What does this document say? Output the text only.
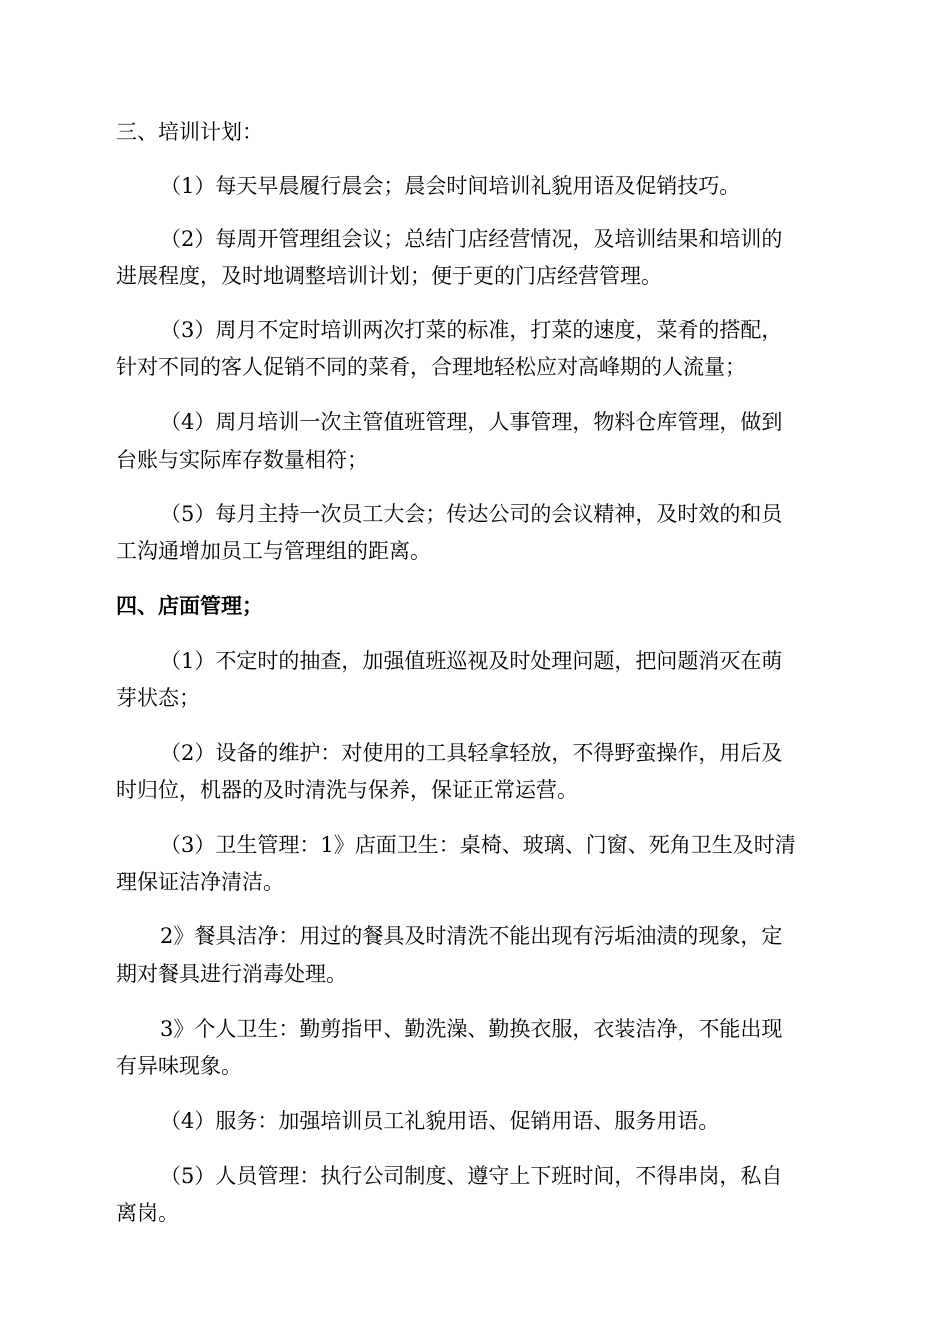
三、培训计划：
（1）每天早晨履行晨会；晨会时间培训礼貌用语及促销技巧。
（2）每周开管理组会议；总结门店经营情况，及培训结果和培训的
进展程度，及时地调整培训计划；便于更的门店经营管理。
（3）周月不定时培训两次打菜的标准，打菜的速度，菜肴的搭配，
针对不同的客人促销不同的菜肴，合理地轻松应对高峰期的人流量；
（4）周月培训一次主管值班管理，人事管理，物料仓库管理，做到
台账与实际库存数量相符；
（5）每月主持一次员工大会；传达公司的会议精神，及时效的和员
工沟通增加员工与管理组的距离。
四、店面管理；
（1）不定时的抽查，加强值班巡视及时处理问题，把问题消灭在萌
芽状态；
（2）设备的维护：对使用的工具轻拿轻放，不得野蛮操作，用后及
时归位，机器的及时清洗与保养，保证正常运营。
（3）卫生管理：1》店面卫生：桌椅、玻璃、门窗、死角卫生及时清
理保证洁净清洁。
2》餐具洁净：用过的餐具及时清洗不能出现有污垢油渍的现象，定
期对餐具进行消毒处理。
3》个人卫生：勤剪指甲、勤洗澡、勤换衣服，衣装洁净，不能出现
有异味现象。
（4）服务：加强培训员工礼貌用语、促销用语、服务用语。
（5）人员管理：执行公司制度、遵守上下班时间，不得串岗，私自
离岗。
